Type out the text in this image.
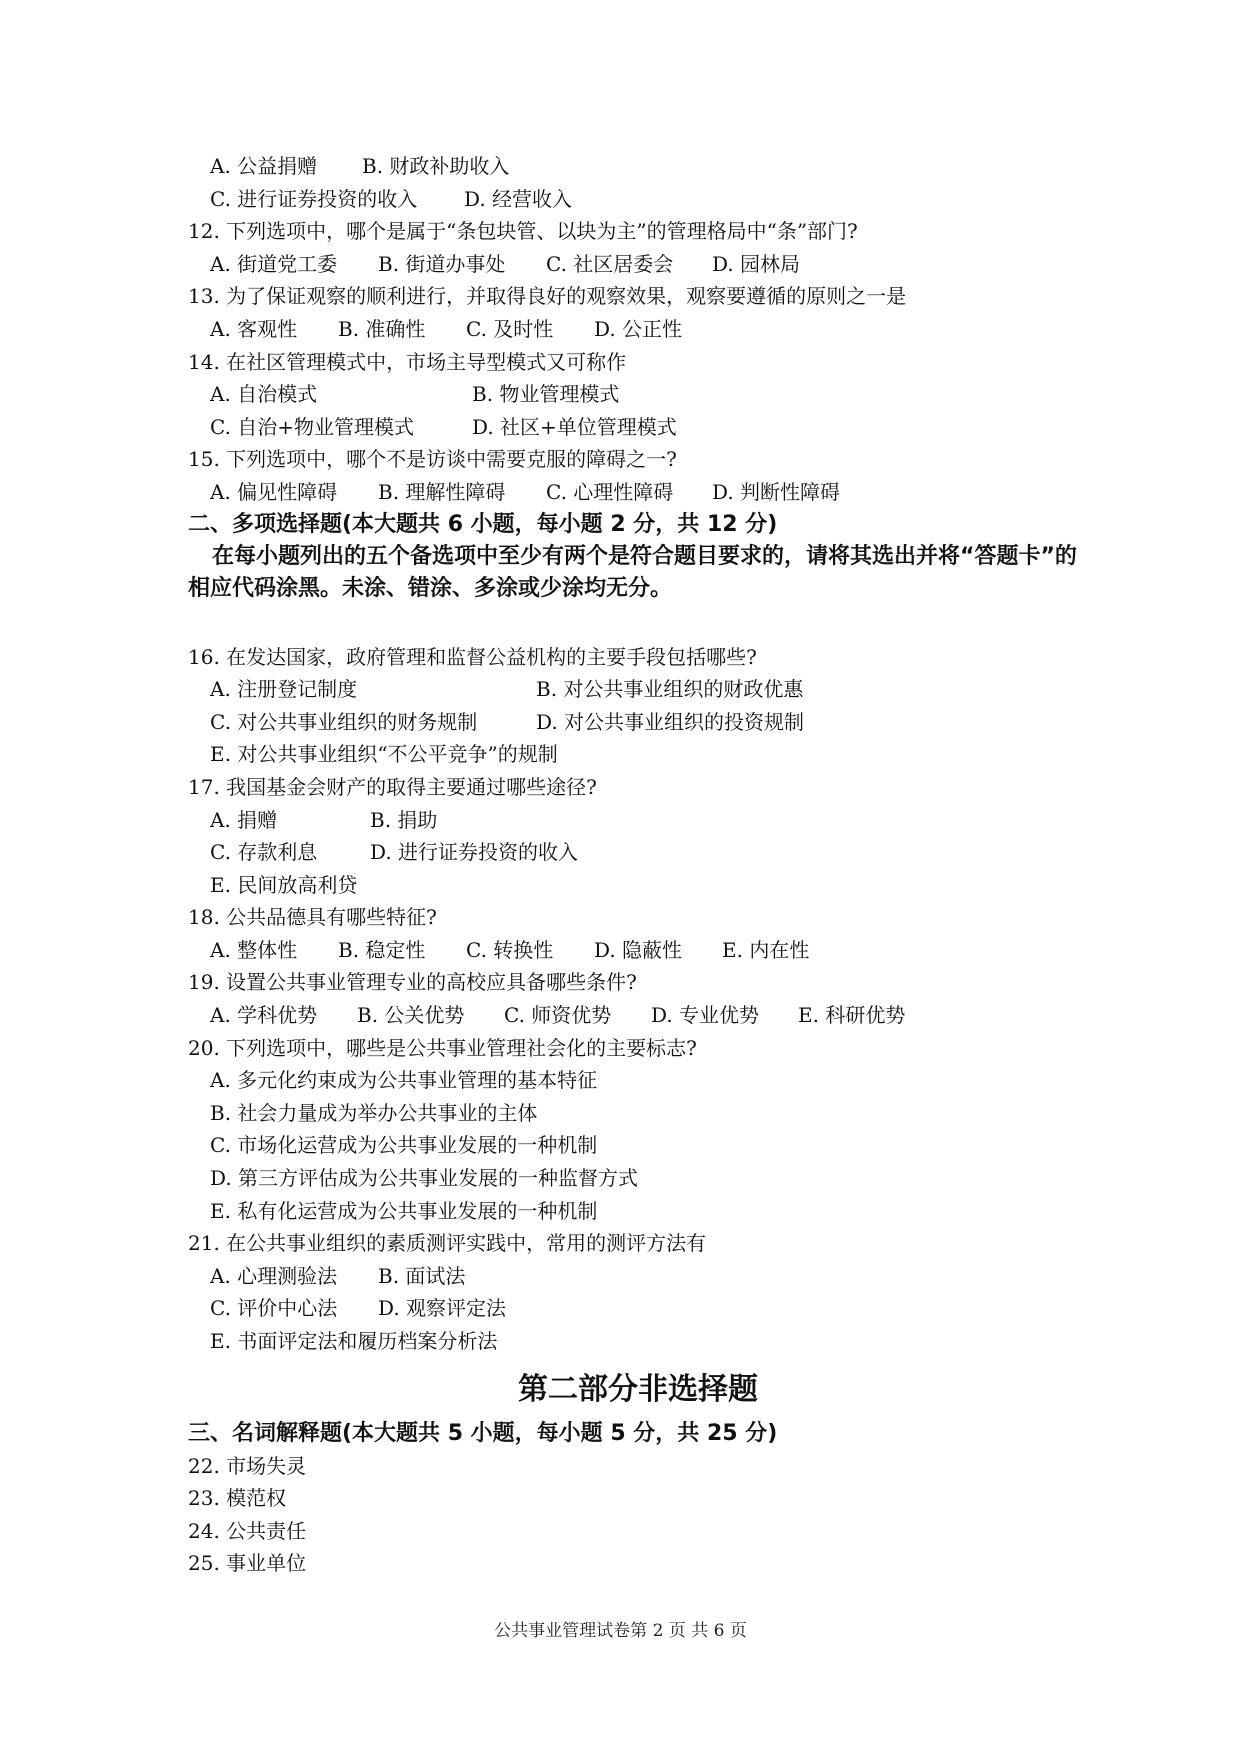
A. 公益捐赠 B. 财政补助收入
C. 进行证券投资的收入 D. 经营收入
12. 下列选项中，哪个是属于“条包块管、以块为主”的管理格局中“条”部门?
A. 街道党工委 B. 街道办事处 C. 社区居委会 D. 园林局
13. 为了保证观察的顺利进行，并取得良好的观察效果，观察要遵循的原则之一是
A. 客观性 B. 准确性 C. 及时性 D. 公正性
14. 在社区管理模式中，市场主导型模式又可称作
A. 自治模式	B. 物业管理模式
C. 自治+物业管理模式	D. 社区+单位管理模式
15. 下列选项中，哪个不是访谈中需要克服的障碍之一?
A. 偏见性障碍 B. 理解性障碍 C. 心理性障碍 D. 判断性障碍
二、多项选择题(本大题共 6 小题，每小题 2 分，共 12 分)
在每小题列出的五个备选项中至少有两个是符合题目要求的，请将其选出并将“答题卡”的相应代码涂黑。未涂、错涂、多涂或少涂均无分。
16. 在发达国家，政府管理和监督公益机构的主要手段包括哪些?
A. 注册登记制度	B. 对公共事业组织的财政优惠
C. 对公共事业组织的财务规制	D. 对公共事业组织的投资规制
E. 对公共事业组织“不公平竞争”的规制
17. 我国基金会财产的取得主要通过哪些途径?
A. 捐赠	B. 捐助
C. 存款利息	D. 进行证券投资的收入
E. 民间放高利贷
18. 公共品德具有哪些特征?
A. 整体性 B. 稳定性 C. 转换性 D. 隐蔽性 E. 内在性
19. 设置公共事业管理专业的高校应具备哪些条件?
A. 学科优势 B. 公关优势 C. 师资优势 D. 专业优势 E. 科研优势
20. 下列选项中，哪些是公共事业管理社会化的主要标志?
A. 多元化约束成为公共事业管理的基本特征
B. 社会力量成为举办公共事业的主体
C. 市场化运营成为公共事业发展的一种机制
D. 第三方评估成为公共事业发展的一种监督方式
E. 私有化运营成为公共事业发展的一种机制
21. 在公共事业组织的素质测评实践中，常用的测评方法有
A. 心理测验法 B. 面试法
C. 评价中心法 D. 观察评定法
E. 书面评定法和履历档案分析法
第二部分非选择题
三、名词解释题(本大题共 5 小题，每小题 5 分，共 25 分)
22. 市场失灵
23. 模范权
24. 公共责任
25. 事业单位
公共事业管理试卷第 2 页 共 6 页
